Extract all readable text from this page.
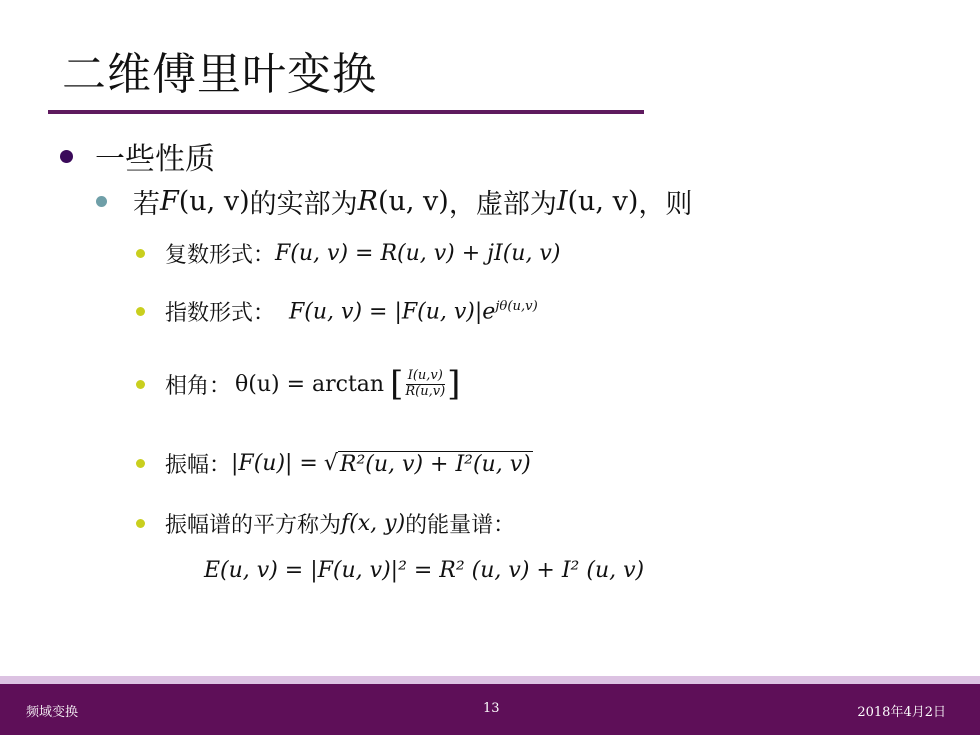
二维傅里叶变换
一些性质
若 F (u, v) 的实部为 R (u, v) ，虚部为 I (u, v) ，则
复数形式： F(u, v) = R(u, v) + jI(u, v)
指数形式： F(u, v) = |F(u, $v)|e^{j\theta(u,v)}$
相角： θ(u) = arctan [ $\frac{I(u,v)}{R(u,v)}$ ]
振幅： |F(u)| = √ R²(u, v) + I²(u, v)
振幅谱的平方称为 f(x, y) 的能量谱：
E(u, v) = |F(u, v)|² = R² (u, v) + I² (u, v)
频域变换	13	2018年4月2日
